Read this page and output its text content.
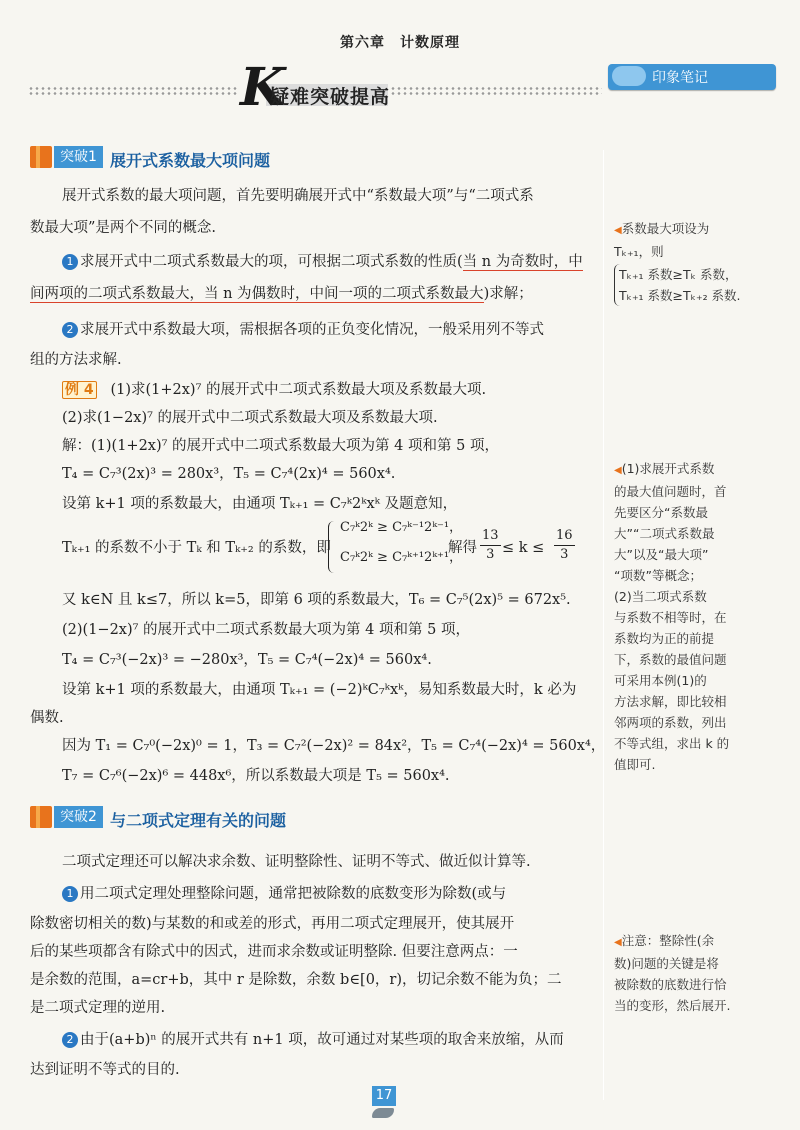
第六章　计数原理
K
疑难突破提高
印象笔记
突破1 展开式系数最大项问题
展开式系数的最大项问题，首先要明确展开式中“系数最大项”与“二项式系
数最大项”是两个不同的概念.
1 求展开式中二项式系数最大的项，可根据二项式系数的性质(当 n 为奇数时，中
间两项的二项式系数最大，当 n 为偶数时，中间一项的二项式系数最大)求解；
2 求展开式中系数最大项，需根据各项的正负变化情况，一般采用列不等式
组的方法求解.
例 4 (1)求(1+2x)⁷ 的展开式中二项式系数最大项及系数最大项.
(2)求(1−2x)⁷ 的展开式中二项式系数最大项及系数最大项.
解：(1)(1+2x)⁷ 的展开式中二项式系数最大项为第 4 项和第 5 项，
T₄ = C₇³(2x)³ = 280x³，T₅ = C₇⁴(2x)⁴ = 560x⁴.
设第 k+1 项的系数最大，由通项 Tₖ₊₁ = C₇ᵏ2ᵏxᵏ 及题意知，
Tₖ₊₁ 的系数不小于 Tₖ 和 Tₖ₊₂ 的系数，即
C₇ᵏ2ᵏ ≥ C₇ᵏ⁻¹2ᵏ⁻¹，
C₇ᵏ2ᵏ ≥ C₇ᵏ⁺¹2ᵏ⁺¹，
解得 $\frac{13}{3} \le k \le \frac{16}{3}$
又 k∈N 且 k≤7，所以 k=5，即第 6 项的系数最大，T₆ = C₇⁵(2x)⁵ = 672x⁵.
(2)(1−2x)⁷ 的展开式中二项式系数最大项为第 4 项和第 5 项，
T₄ = C₇³(−2x)³ = −280x³，T₅ = C₇⁴(−2x)⁴ = 560x⁴.
设第 k+1 项的系数最大，由通项 Tₖ₊₁ = (−2)ᵏC₇ᵏxᵏ，易知系数最大时，k 必为
偶数.
因为 T₁ = C₇⁰(−2x)⁰ = 1，T₃ = C₇²(−2x)² = 84x²，T₅ = C₇⁴(−2x)⁴ = 560x⁴，
T₇ = C₇⁶(−2x)⁶ = 448x⁶，所以系数最大项是 T₅ = 560x⁴.
突破2 与二项式定理有关的问题
二项式定理还可以解决求余数、证明整除性、证明不等式、做近似计算等.
1 用二项式定理处理整除问题，通常把被除数的底数变形为除数(或与
除数密切相关的数)与某数的和或差的形式，再用二项式定理展开，使其展开
后的某些项都含有除式中的因式，进而求余数或证明整除. 但要注意两点：一
是余数的范围，a=cr+b，其中 r 是除数，余数 b∈[0，r)，切记余数不能为负；二
是二项式定理的逆用.
2 由于(a+b)ⁿ 的展开式共有 n+1 项，故可通过对某些项的取舍来放缩，从而
达到证明不等式的目的.
◀系数最大项设为
Tₖ₊₁，则
Tₖ₊₁ 系数≥Tₖ 系数，
Tₖ₊₁ 系数≥Tₖ₊₂ 系数.
◀(1)求展开式系数
的最大值问题时，首
先要区分“系数最
大”“二项式系数最
大”以及“最大项”
“项数”等概念；
(2)当二项式系数
与系数不相等时，在
系数均为正的前提
下，系数的最值问题
可采用本例(1)的
方法求解，即比较相
邻两项的系数，列出
不等式组，求出 k 的
值即可.
◀注意：整除性(余
数)问题的关键是将
被除数的底数进行恰
当的变形，然后展开.
17
